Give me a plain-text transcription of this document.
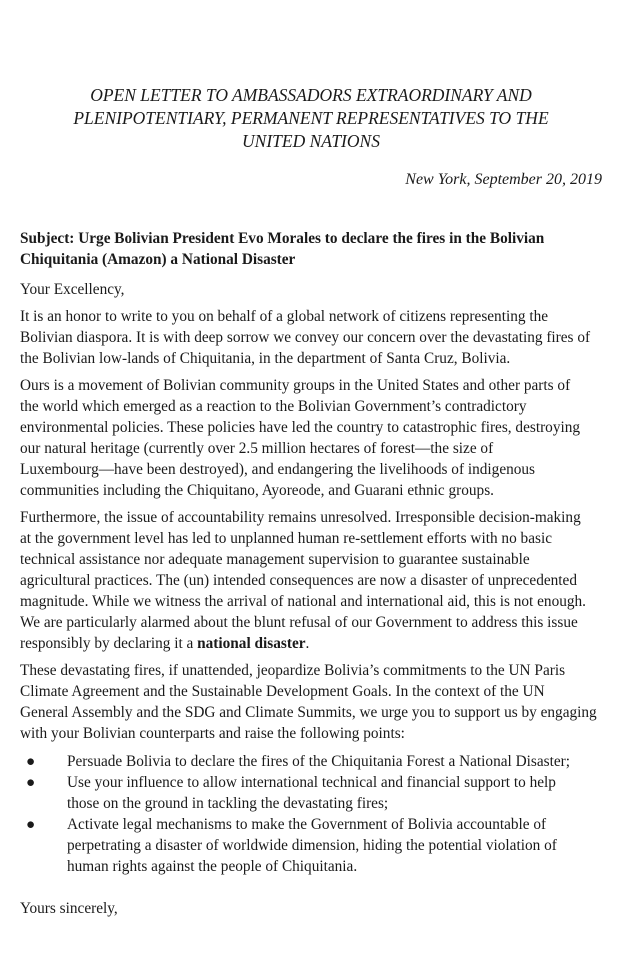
OPEN LETTER TO AMBASSADORS EXTRAORDINARY AND
PLENIPOTENTIARY, PERMANENT REPRESENTATIVES TO THE
UNITED NATIONS
New York, September 20, 2019
Subject: Urge Bolivian President Evo Morales to declare the fires in the Bolivian
Chiquitania (Amazon) a National Disaster
Your Excellency,
It is an honor to write to you on behalf of a global network of citizens representing the
Bolivian diaspora. It is with deep sorrow we convey our concern over the devastating fires of
the Bolivian low-lands of Chiquitania, in the department of Santa Cruz, Bolivia.
Ours is a movement of Bolivian community groups in the United States and other parts of
the world which emerged as a reaction to the Bolivian Government’s contradictory
environmental policies. These policies have led the country to catastrophic fires, destroying
our natural heritage (currently over 2.5 million hectares of forest—the size of
Luxembourg—have been destroyed), and endangering the livelihoods of indigenous
communities including the Chiquitano, Ayoreode, and Guarani ethnic groups.
Furthermore, the issue of accountability remains unresolved. Irresponsible decision-making
at the government level has led to unplanned human re-settlement efforts with no basic
technical assistance nor adequate management supervision to guarantee sustainable
agricultural practices. The (un) intended consequences are now a disaster of unprecedented
magnitude. While we witness the arrival of national and international aid, this is not enough.
We are particularly alarmed about the blunt refusal of our Government to address this issue
responsibly by declaring it a national disaster.
These devastating fires, if unattended, jeopardize Bolivia’s commitments to the UN Paris
Climate Agreement and the Sustainable Development Goals. In the context of the UN
General Assembly and the SDG and Climate Summits, we urge you to support us by engaging
with your Bolivian counterparts and raise the following points:
●	Persuade Bolivia to declare the fires of the Chiquitania Forest a National Disaster;
●	Use your influence to allow international technical and financial support to help
those on the ground in tackling the devastating fires;
●	Activate legal mechanisms to make the Government of Bolivia accountable of
perpetrating a disaster of worldwide dimension, hiding the potential violation of
human rights against the people of Chiquitania.
Yours sincerely,
